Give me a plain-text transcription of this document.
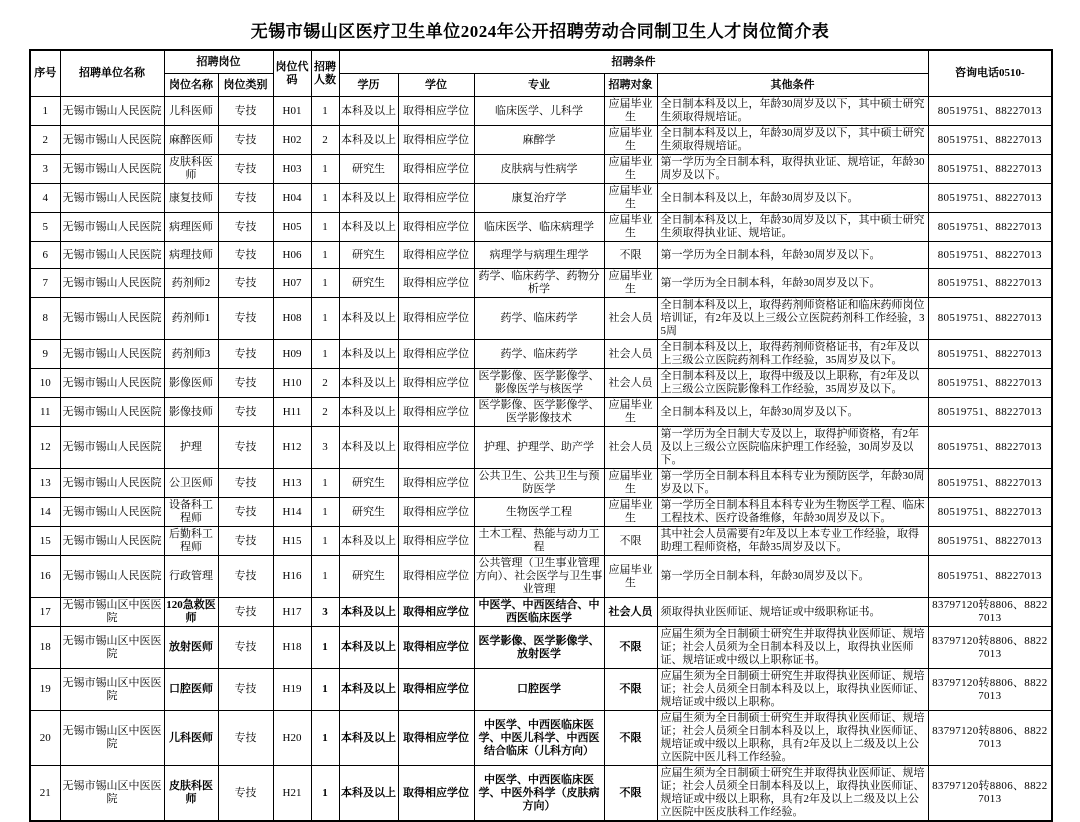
无锡市锡山区医疗卫生单位2024年公开招聘劳动合同制卫生人才岗位简介表
序号	招聘单位名称	招聘岗位		岗位代码	招聘人数	招聘条件					咨询电话0510-
		岗位名称	岗位类别			学历	学位	专业	招聘对象	其他条件	
1	无锡市锡山人民医院	儿科医师	专技	H01	1	本科及以上	取得相应学位	临床医学、儿科学	应届毕业生	全日制本科及以上，年龄30周岁及以下，其中硕士研究生须取得规培证。	80519751、88227013
2	无锡市锡山人民医院	麻醉医师	专技	H02	2	本科及以上	取得相应学位	麻醉学	应届毕业生	全日制本科及以上，年龄30周岁及以下，其中硕士研究生须取得规培证。	80519751、88227013
3	无锡市锡山人民医院	皮肤科医师	专技	H03	1	研究生	取得相应学位	皮肤病与性病学	应届毕业生	第一学历为全日制本科，取得执业证、规培证，年龄30周岁及以下。	80519751、88227013
4	无锡市锡山人民医院	康复技师	专技	H04	1	本科及以上	取得相应学位	康复治疗学	应届毕业生	全日制本科及以上，年龄30周岁及以下。	80519751、88227013
5	无锡市锡山人民医院	病理医师	专技	H05	1	本科及以上	取得相应学位	临床医学、临床病理学	应届毕业生	全日制本科及以上，年龄30周岁及以下，其中硕士研究生须取得执业证、规培证。	80519751、88227013
6	无锡市锡山人民医院	病理技师	专技	H06	1	研究生	取得相应学位	病理学与病理生理学	不限	第一学历为全日制本科，年龄30周岁及以下。	80519751、88227013
7	无锡市锡山人民医院	药剂师2	专技	H07	1	研究生	取得相应学位	药学、临床药学、药物分析学	应届毕业生	第一学历为全日制本科，年龄30周岁及以下。	80519751、88227013
8	无锡市锡山人民医院	药剂师1	专技	H08	1	本科及以上	取得相应学位	药学、临床药学	社会人员	全日制本科及以上，取得药剂师资格证和临床药师岗位培训证，有2年及以上三级公立医院药剂科工作经验，35周	80519751、88227013
9	无锡市锡山人民医院	药剂师3	专技	H09	1	本科及以上	取得相应学位	药学、临床药学	社会人员	全日制本科及以上，取得药剂师资格证书，有2年及以上三级公立医院药剂科工作经验，35周岁及以下。	80519751、88227013
10	无锡市锡山人民医院	影像医师	专技	H10	2	本科及以上	取得相应学位	医学影像、医学影像学、影像医学与核医学	社会人员	全日制本科及以上，取得中级及以上职称，有2年及以上三级公立医院影像科工作经验，35周岁及以下。	80519751、88227013
11	无锡市锡山人民医院	影像技师	专技	H11	2	本科及以上	取得相应学位	医学影像、医学影像学、医学影像技术	应届毕业生	全日制本科及以上，年龄30周岁及以下。	80519751、88227013
12	无锡市锡山人民医院	护理	专技	H12	3	本科及以上	取得相应学位	护理、护理学、助产学	社会人员	第一学历为全日制大专及以上，取得护师资格，有2年及以上三级公立医院临床护理工作经验，30周岁及以下。	80519751、88227013
13	无锡市锡山人民医院	公卫医师	专技	H13	1	研究生	取得相应学位	公共卫生、公共卫生与预防医学	应届毕业生	第一学历全日制本科且本科专业为预防医学，年龄30周岁及以下。	80519751、88227013
14	无锡市锡山人民医院	设备科工程师	专技	H14	1	研究生	取得相应学位	生物医学工程	应届毕业生	第一学历全日制本科且本科专业为生物医学工程、临床工程技术、医疗设备维修，年龄30周岁及以下。	80519751、88227013
15	无锡市锡山人民医院	后勤科工程师	专技	H15	1	本科及以上	取得相应学位	土木工程、热能与动力工程	不限	其中社会人员需要有2年及以上本专业工作经验，取得助理工程师资格，年龄35周岁及以下。	80519751、88227013
16	无锡市锡山人民医院	行政管理	专技	H16	1	研究生	取得相应学位	公共管理（卫生事业管理方向）、社会医学与卫生事业管理	应届毕业生	第一学历全日制本科，年龄30周岁及以下。	80519751、88227013
17	无锡市锡山区中医医院	120急救医师	专技	H17	3	本科及以上	取得相应学位	中医学、中西医结合、中西医临床医学	社会人员	须取得执业医师证、规培证或中级职称证书。	83797120转8806、88227013
18	无锡市锡山区中医医院	放射医师	专技	H18	1	本科及以上	取得相应学位	医学影像、医学影像学、放射医学	不限	应届生须为全日制硕士研究生并取得执业医师证、规培证；社会人员须为全日制本科及以上，取得执业医师证、规培证或中级以上职称证书。	83797120转8806、88227013
19	无锡市锡山区中医医院	口腔医师	专技	H19	1	本科及以上	取得相应学位	口腔医学	不限	应届生须为全日制硕士研究生并取得执业医师证、规培证；社会人员须全日制本科及以上，取得执业医师证、规培证或中级以上职称。	83797120转8806、88227013
20	无锡市锡山区中医医院	儿科医师	专技	H20	1	本科及以上	取得相应学位	中医学、中西医临床医学、中医儿科学、中西医结合临床（儿科方向）	不限	应届生须为全日制硕士研究生并取得执业医师证、规培证；社会人员须全日制本科及以上，取得执业医师证、规培证或中级以上职称，具有2年及以上二级及以上公立医院中医儿科工作经验。	83797120转8806、88227013
21	无锡市锡山区中医医院	皮肤科医师	专技	H21	1	本科及以上	取得相应学位	中医学、中西医临床医学、中医外科学（皮肤病方向）	不限	应届生须为全日制硕士研究生并取得执业医师证、规培证；社会人员须全日制本科及以上，取得执业医师证、规培证或中级以上职称，具有2年及以上二级及以上公立医院中医皮肤科工作经验。	83797120转8806、88227013
